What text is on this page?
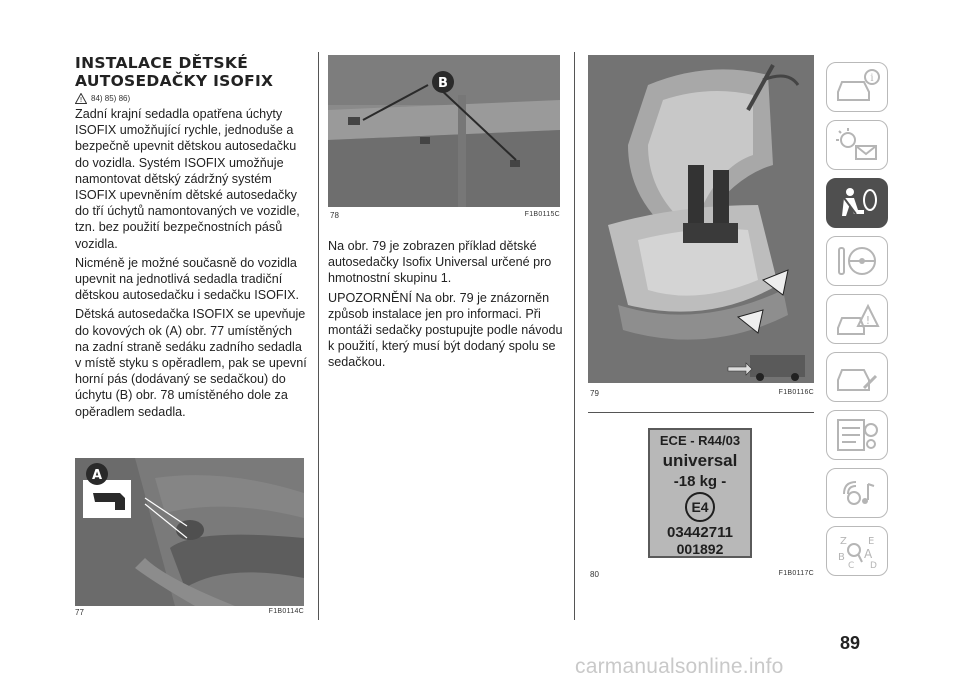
INSTALACE DĚTSKÉ AUTOSEDAČKY ISOFIX
! 84) 85) 86)

Zadní krajní sedadla opatřena úchyty ISOFIX umožňující rychle, jednoduše a bezpečně upevnit dětskou autosedačku do vozidla. Systém ISOFIX umožňuje namontovat dětský zádržný systém ISOFIX upevněním dětské autosedačky do tří úchytů namontovaných ve vozidle, tzn. bez použití bezpečnostních pásů vozidla.

Nicméně je možné současně do vozidla upevnit na jednotlivá sedadla tradiční dětskou autosedačku i sedačku ISOFIX.

Dětská autosedačka ISOFIX se upevňuje do kovových ok (A) obr. 77 umístěných na zadní straně sedáku zadního sedadla v místě styku s opěradlem, pak se upevní horní pás (dodávaný se sedačkou) do úchytu (B) obr. 78 umístěného dole za opěradlem sedadla.

A
77	F1B0114C
B
78	F1B0115C

Na obr. 79 je zobrazen příklad dětské autosedačky Isofix Universal určené pro hmotnostní skupinu 1.

UPOZORNĚNÍ Na obr. 79 je znázorněn způsob instalace jen pro informaci. Při montáži sedačky postupujte podle návodu k použití, který musí být dodaný spolu se sedačkou.

79	F1B0116C
ECE - R44/03
universal
-18 kg -
E4
03442711
001892
80	F1B0117C
i
!
Z E
B A
D
C
89
carmanualsonline.info
